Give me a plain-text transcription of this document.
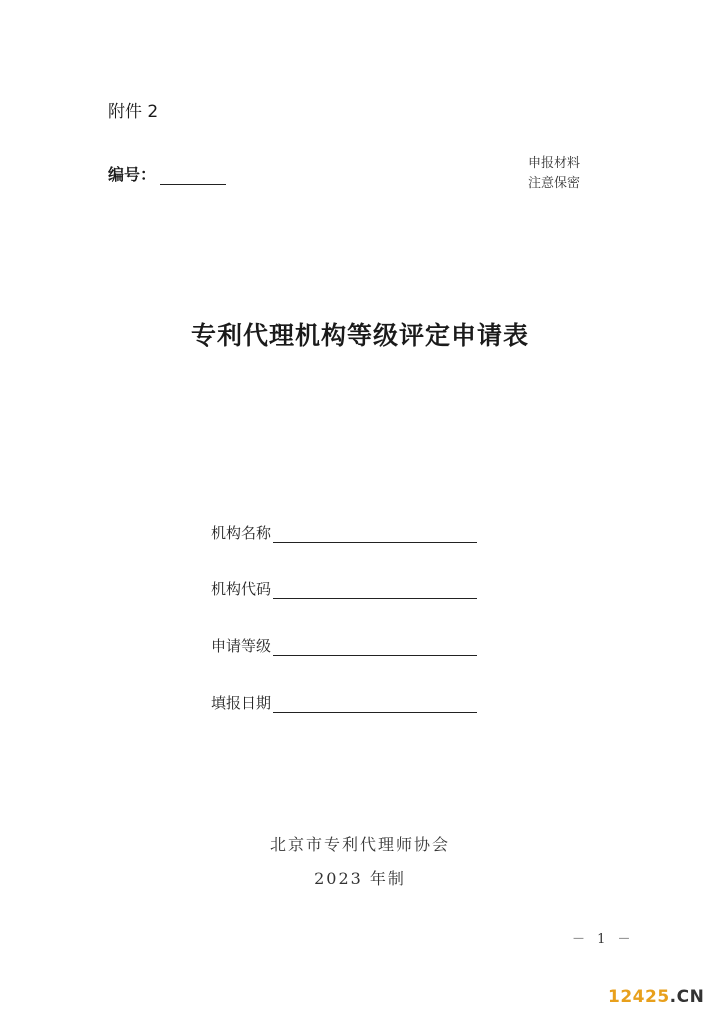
附件 2
编号：
申报材料
注意保密
专利代理机构等级评定申请表
机构名称
机构代码
申请等级
填报日期
北京市专利代理师协会
2023 年制
－ 1 －
12425.CN
